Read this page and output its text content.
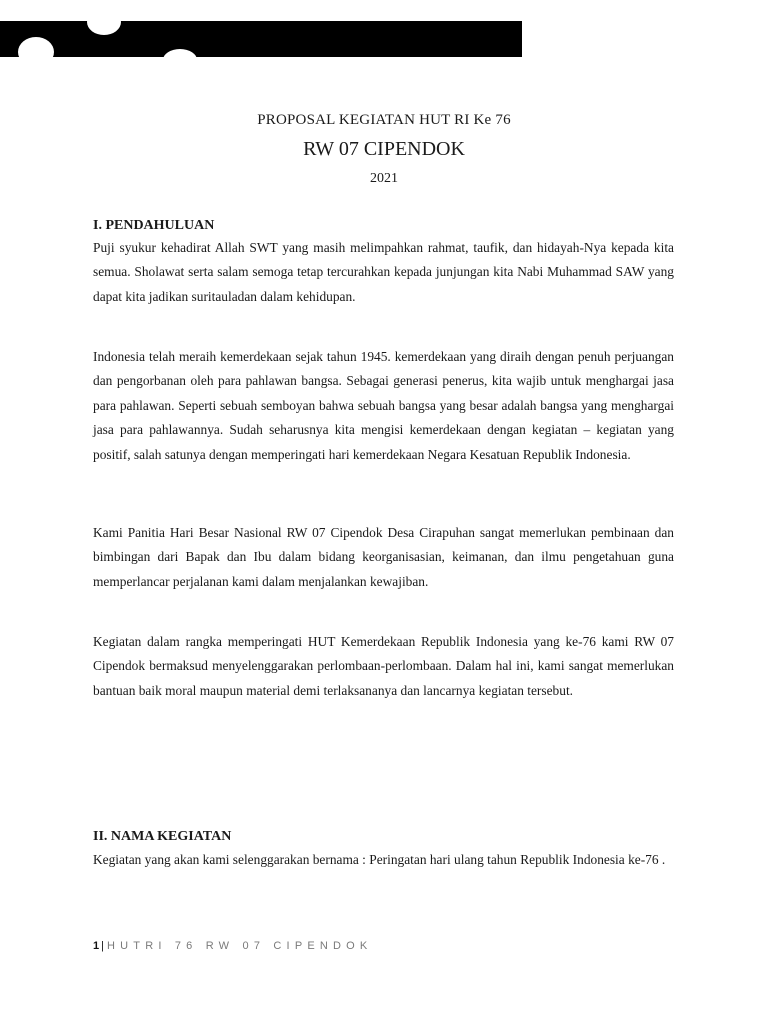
PROPOSAL KEGIATAN HUT RI Ke 76
RW 07 CIPENDOK
2021
I. PENDAHULUAN

Puji syukur kehadirat Allah SWT yang masih melimpahkan rahmat, taufik, dan hidayah-Nya kepada kita semua. Sholawat serta salam semoga tetap tercurahkan kepada junjungan kita Nabi Muhammad SAW yang dapat kita jadikan suritauladan dalam kehidupan.

Indonesia telah meraih kemerdekaan sejak tahun 1945. kemerdekaan yang diraih dengan penuh perjuangan dan pengorbanan oleh para pahlawan bangsa. Sebagai generasi penerus, kita wajib untuk menghargai jasa para pahlawan. Seperti sebuah semboyan bahwa sebuah bangsa yang besar adalah bangsa yang menghargai jasa para pahlawannya. Sudah seharusnya kita mengisi kemerdekaan dengan kegiatan – kegiatan yang positif, salah satunya dengan memperingati hari kemerdekaan Negara Kesatuan Republik Indonesia.

Kami Panitia Hari Besar Nasional RW 07 Cipendok Desa Cirapuhan sangat memerlukan pembinaan dan bimbingan dari Bapak dan Ibu dalam bidang keorganisasian, keimanan, dan ilmu pengetahuan guna memperlancar perjalanan kami dalam menjalankan kewajiban.

Kegiatan dalam rangka memperingati HUT Kemerdekaan Republik Indonesia yang ke-76 kami RW 07 Cipendok bermaksud menyelenggarakan perlombaan-perlombaan. Dalam hal ini, kami sangat memerlukan bantuan baik moral maupun material demi terlaksananya dan lancarnya kegiatan tersebut.

II. NAMA KEGIATAN

Kegiatan yang akan kami selenggarakan bernama : Peringatan hari ulang tahun Republik Indonesia ke-76 .

1 | HUTRI 76 RW 07 CIPENDOK
